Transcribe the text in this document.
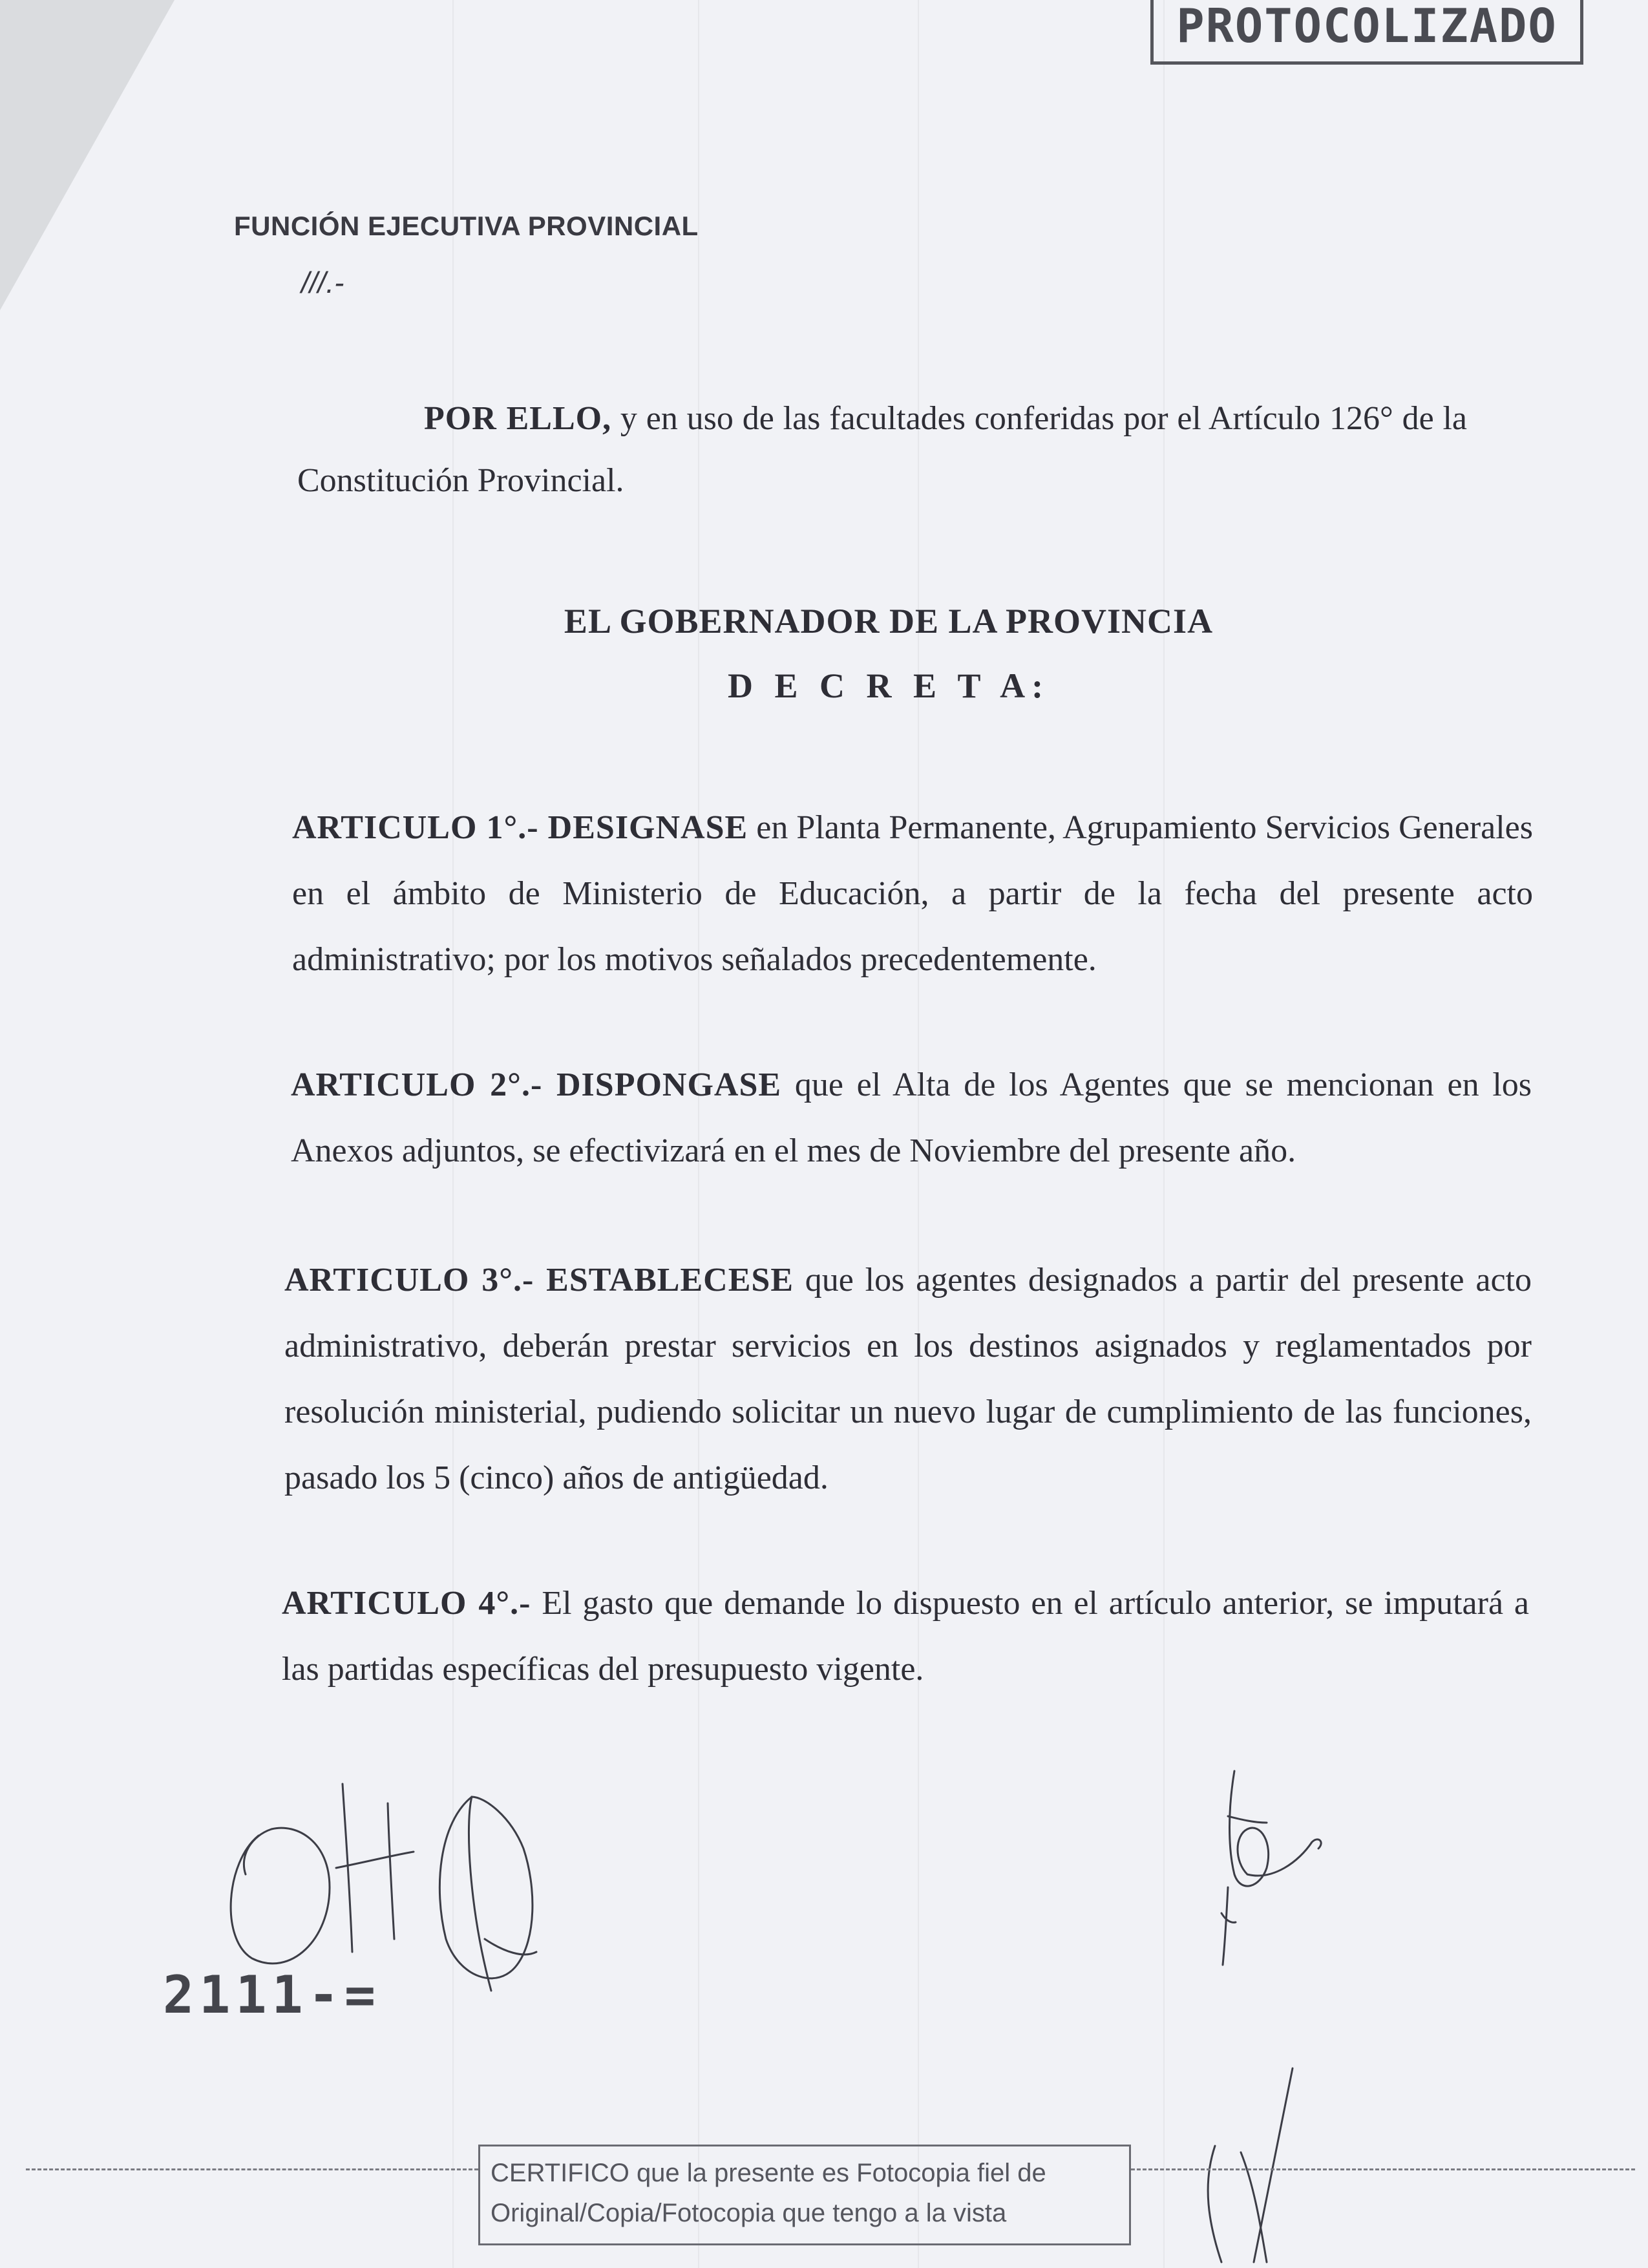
PROTOCOLIZADO
FUNCIÓN EJECUTIVA PROVINCIAL
///.-
POR ELLO, y en uso de las facultades conferidas por el Artículo 126° de la Constitución Provincial.
EL GOBERNADOR DE LA PROVINCIA
D E C R E T A:
ARTICULO 1°.- DESIGNASE en Planta Permanente, Agrupamiento Servicios Generales en el ámbito de Ministerio de Educación, a partir de la fecha del presente acto administrativo; por los motivos señalados precedentemente.
ARTICULO 2°.- DISPONGASE que el Alta de los Agentes que se mencionan en los Anexos adjuntos, se efectivizará en el mes de Noviembre del presente año.
ARTICULO 3°.- ESTABLECESE que los agentes designados a partir del presente acto administrativo, deberán prestar servicios en los destinos asignados y reglamentados por resolución ministerial, pudiendo solicitar un nuevo lugar de cumplimiento de las funciones, pasado los 5 (cinco) años de antigüedad.
ARTICULO 4°.- El gasto que demande lo dispuesto en el artículo anterior, se imputará a las partidas específicas del presupuesto vigente.
2111-=
CERTIFICO que la presente es Fotocopia fiel de
Original/Copia/Fotocopia que tengo a la vista
